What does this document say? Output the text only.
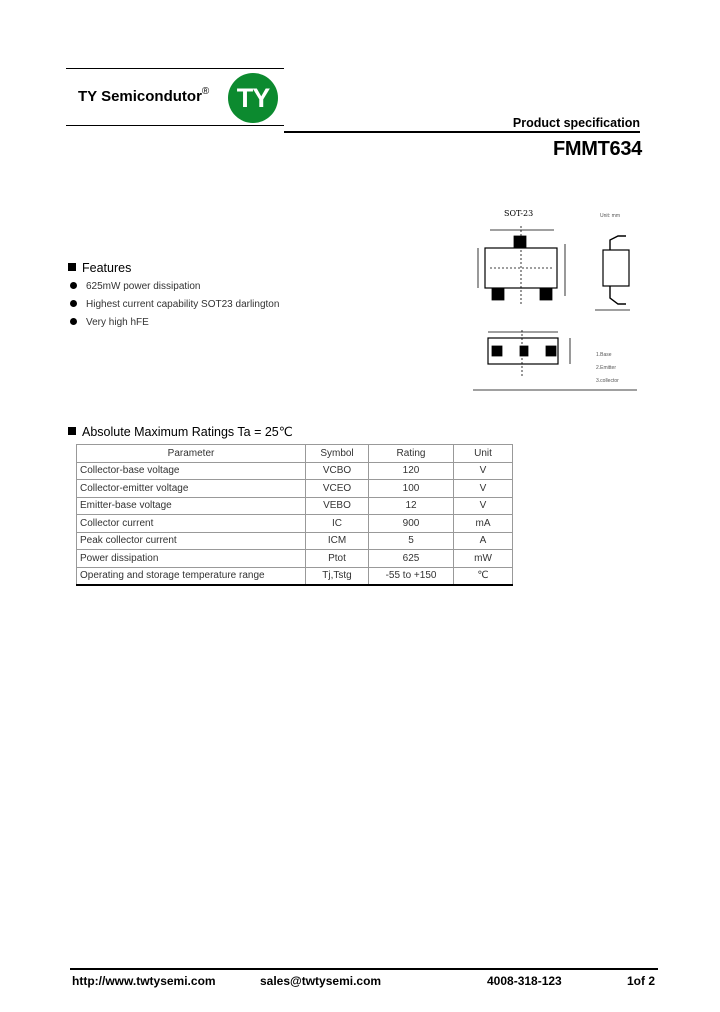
TY Semicondutor® TY
Product specification
FMMT634
SOT-23	Unit: mm
1.Base
2.Emitter
3.collector
Features
625mW power dissipation
Highest current capability SOT23 darlington
Very high hFE
Absolute Maximum Ratings Ta = 25℃
Parameter	Symbol	Rating	Unit
Collector-base voltage	VCBO	120	V
Collector-emitter voltage	VCEO	100	V
Emitter-base voltage	VEBO	12	V
Collector current	IC	900	mA
Peak collector current	ICM	5	A
Power dissipation	Ptot	625	mW
Operating and storage temperature range	Tj,Tstg	-55 to +150	℃
http://www.twtysemi.com	sales@twtysemi.com	4008-318-123	1of 2
